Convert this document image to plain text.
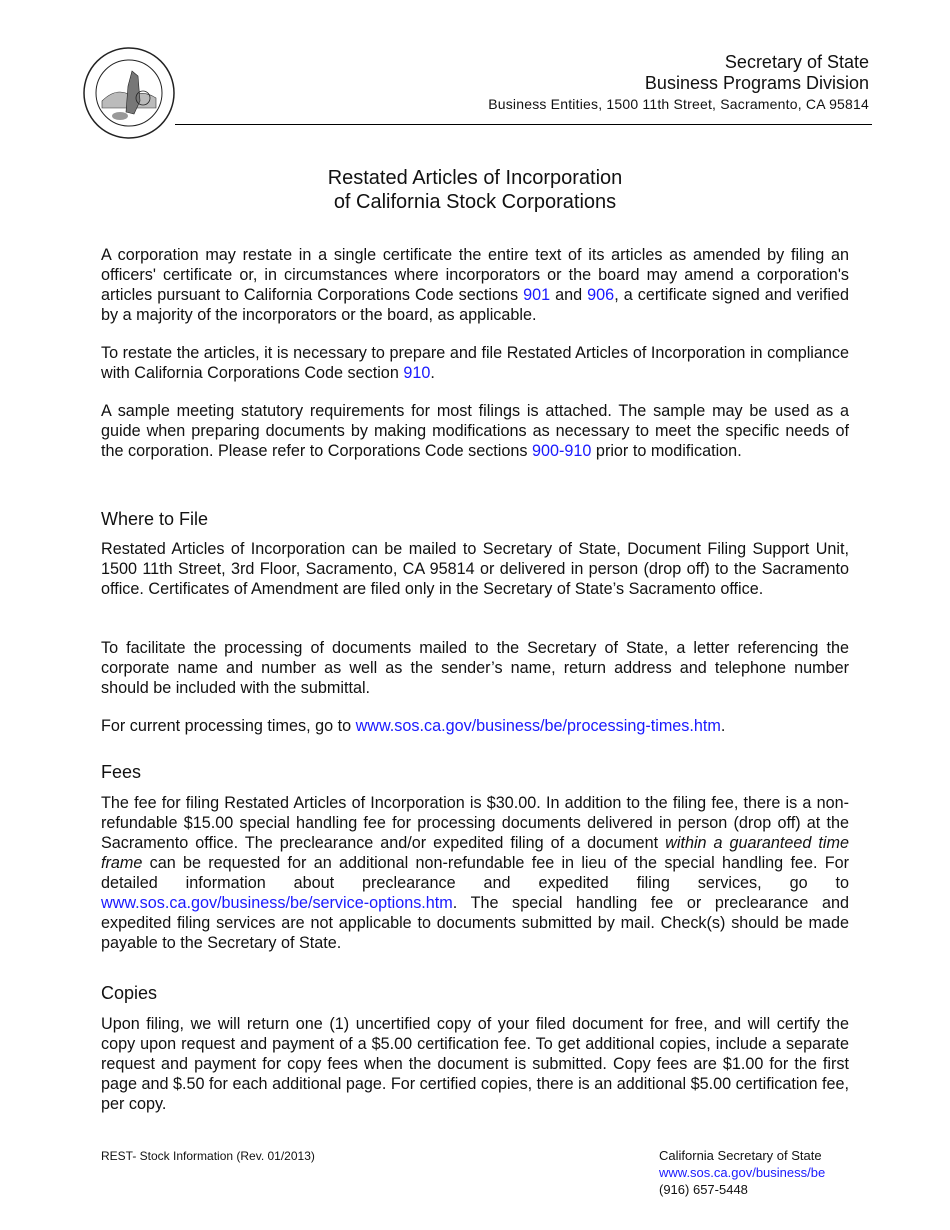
Secretary of State
Business Programs Division
Business Entities, 1500 11th Street, Sacramento, CA 95814
Restated Articles of Incorporation
of California Stock Corporations
A corporation may restate in a single certificate the entire text of its articles as amended by filing an officers' certificate or, in circumstances where incorporators or the board may amend a corporation's articles pursuant to California Corporations Code sections 901 and 906, a certificate signed and verified by a majority of the incorporators or the board, as applicable.
To restate the articles, it is necessary to prepare and file Restated Articles of Incorporation in compliance with California Corporations Code section 910.
A sample meeting statutory requirements for most filings is attached. The sample may be used as a guide when preparing documents by making modifications as necessary to meet the specific needs of the corporation. Please refer to Corporations Code sections 900-910 prior to modification.
Where to File
Restated Articles of Incorporation can be mailed to Secretary of State, Document Filing Support Unit, 1500 11th Street, 3rd Floor, Sacramento, CA 95814 or delivered in person (drop off) to the Sacramento office. Certificates of Amendment are filed only in the Secretary of State’s Sacramento office.
To facilitate the processing of documents mailed to the Secretary of State, a letter referencing the corporate name and number as well as the sender’s name, return address and telephone number should be included with the submittal.
For current processing times, go to www.sos.ca.gov/business/be/processing-times.htm.
Fees
The fee for filing Restated Articles of Incorporation is $30.00. In addition to the filing fee, there is a non-refundable $15.00 special handling fee for processing documents delivered in person (drop off) at the Sacramento office. The preclearance and/or expedited filing of a document within a guaranteed time frame can be requested for an additional non-refundable fee in lieu of the special handling fee. For detailed information about preclearance and expedited filing services, go to www.sos.ca.gov/business/be/service-options.htm. The special handling fee or preclearance and expedited filing services are not applicable to documents submitted by mail. Check(s) should be made payable to the Secretary of State.
Copies
Upon filing, we will return one (1) uncertified copy of your filed document for free, and will certify the copy upon request and payment of a $5.00 certification fee. To get additional copies, include a separate request and payment for copy fees when the document is submitted. Copy fees are $1.00 for the first page and $.50 for each additional page. For certified copies, there is an additional $5.00 certification fee, per copy.
REST- Stock Information (Rev. 01/2013)	California Secretary of State
www.sos.ca.gov/business/be
(916) 657-5448
